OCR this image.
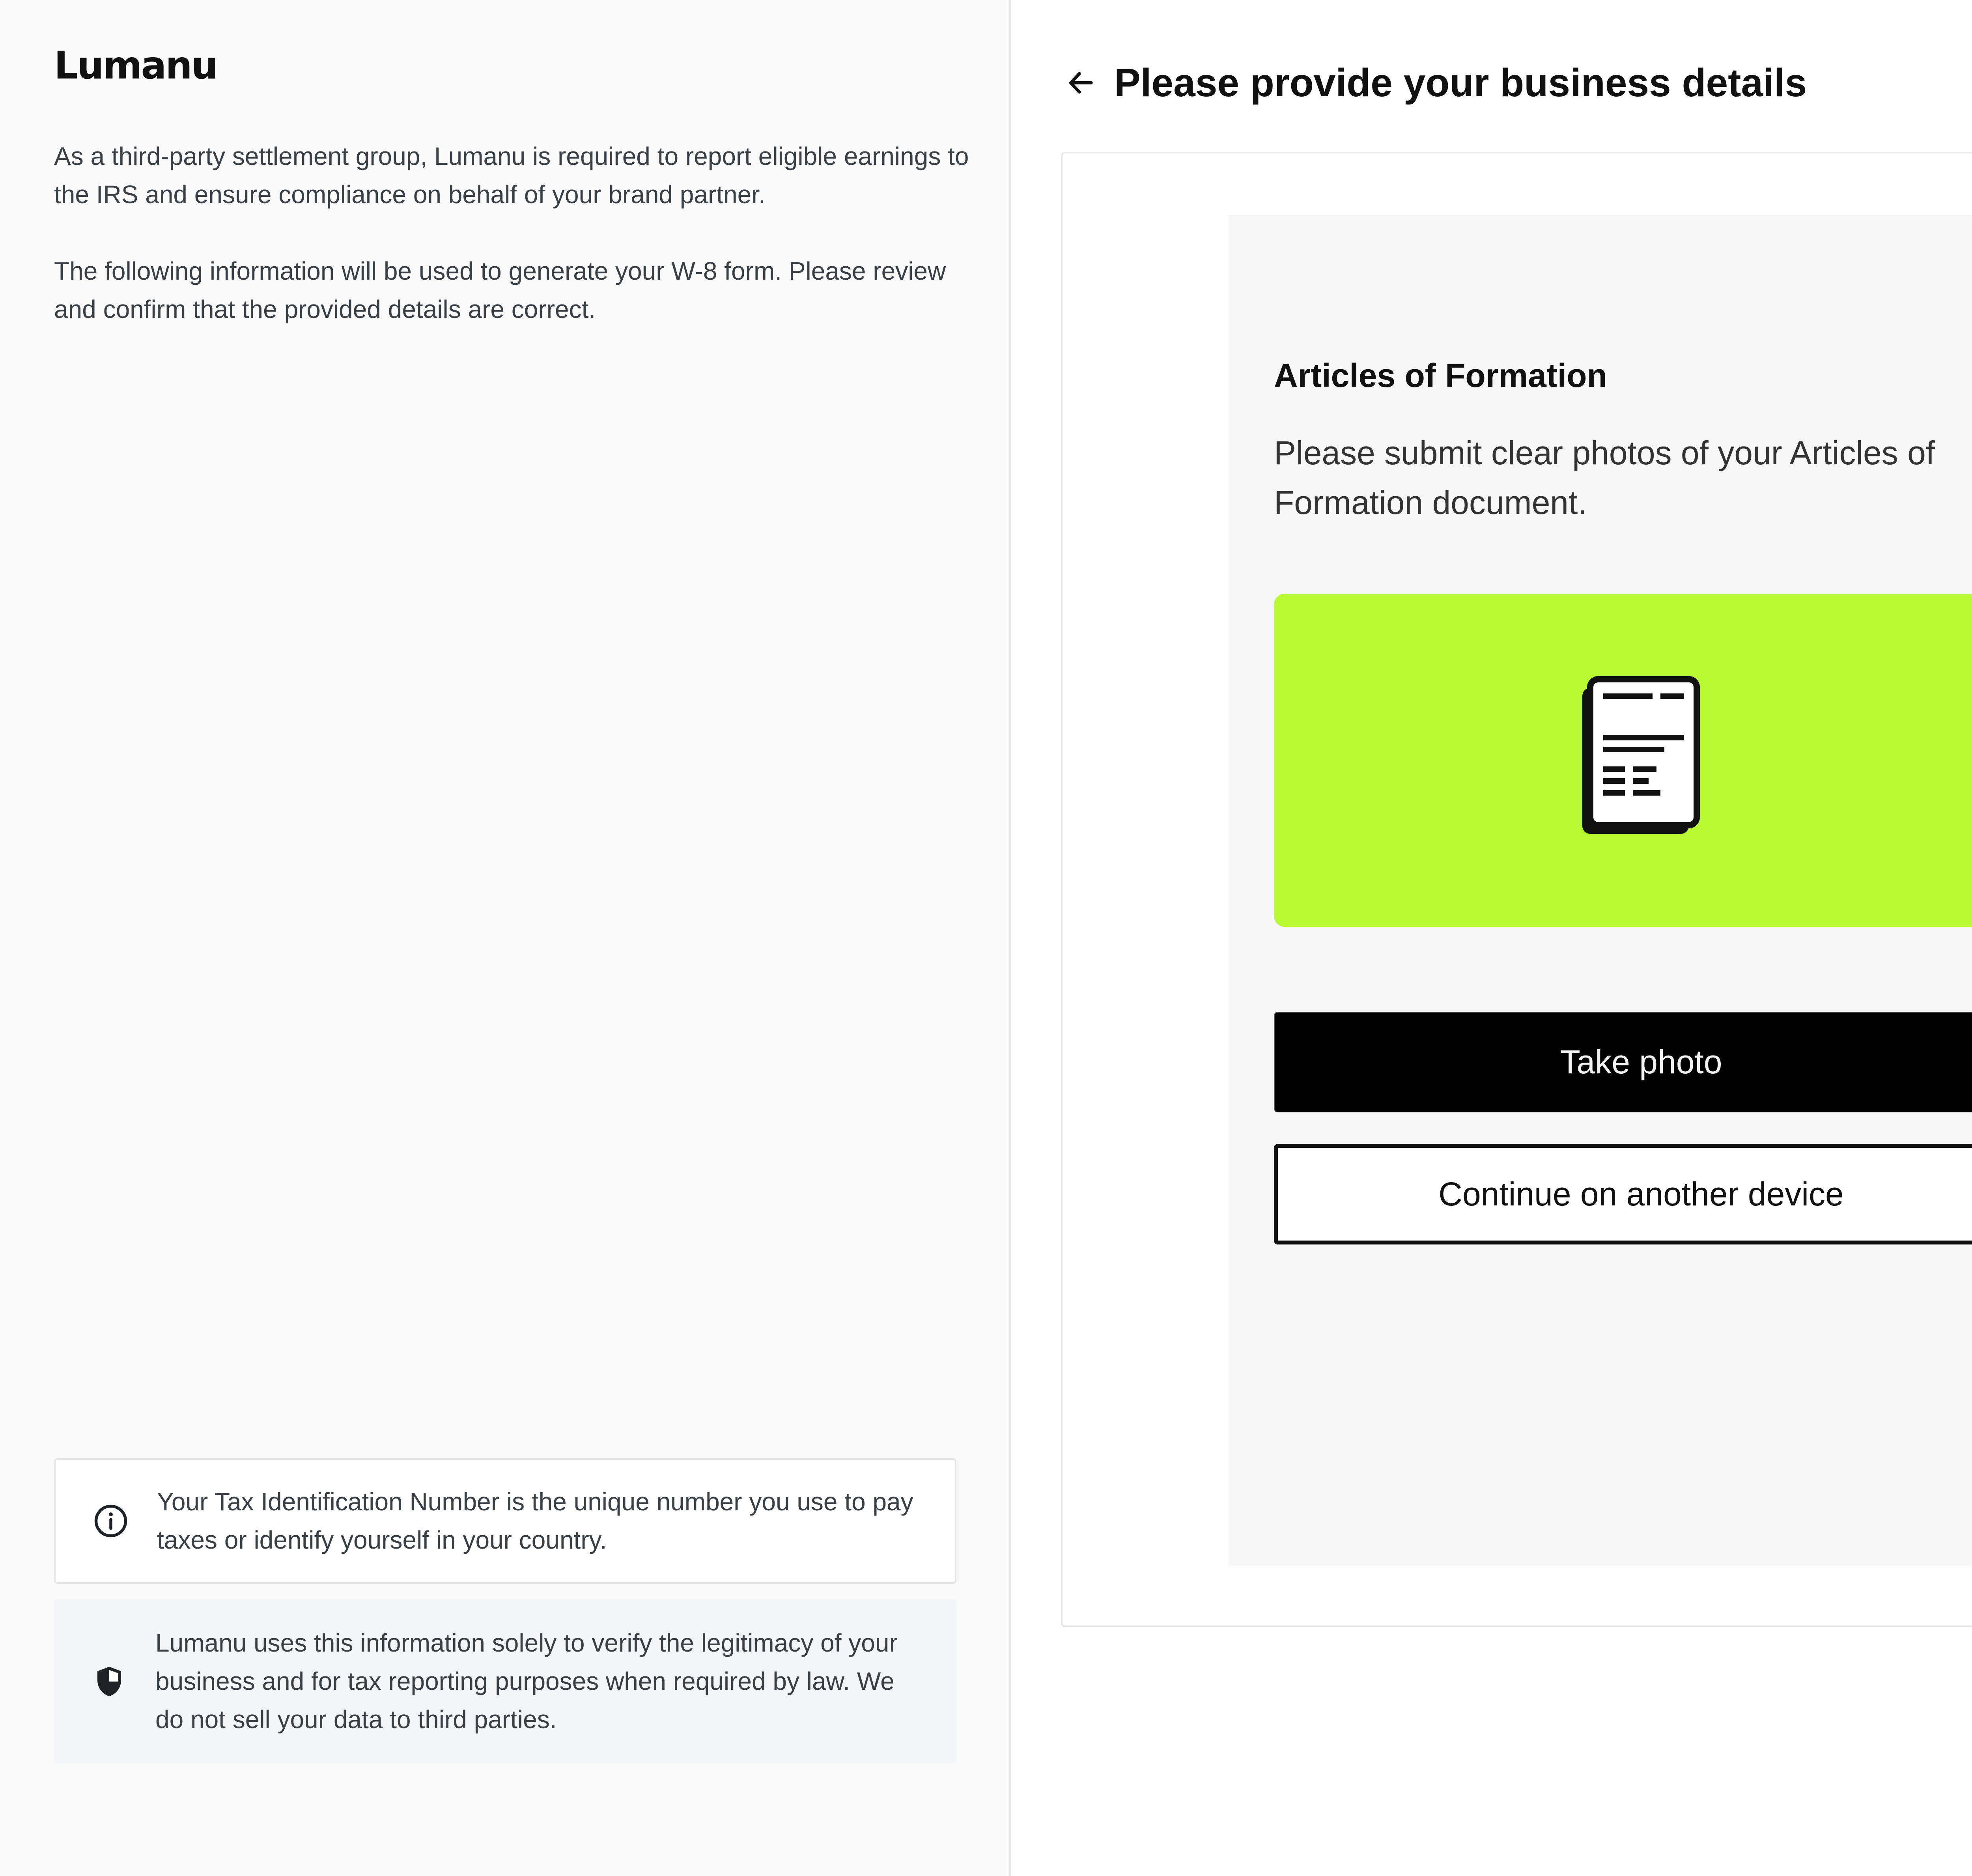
Lumanu

As a third-party settlement group, Lumanu is required to report eligible earnings to the IRS and ensure compliance on behalf of your brand partner.

The following information will be used to generate your W-8 form. Please review and confirm that the provided details are correct.

Your Tax Identification Number is the unique number you use to pay taxes or identify yourself in your country.
Lumanu uses this information solely to verify the legitimacy of your business and for tax reporting purposes when required by law. We do not sell your data to third parties.
Please provide your business details
Articles of Formation
Please submit clear photos of your Articles of Formation document.
Take photo
Continue on another device
